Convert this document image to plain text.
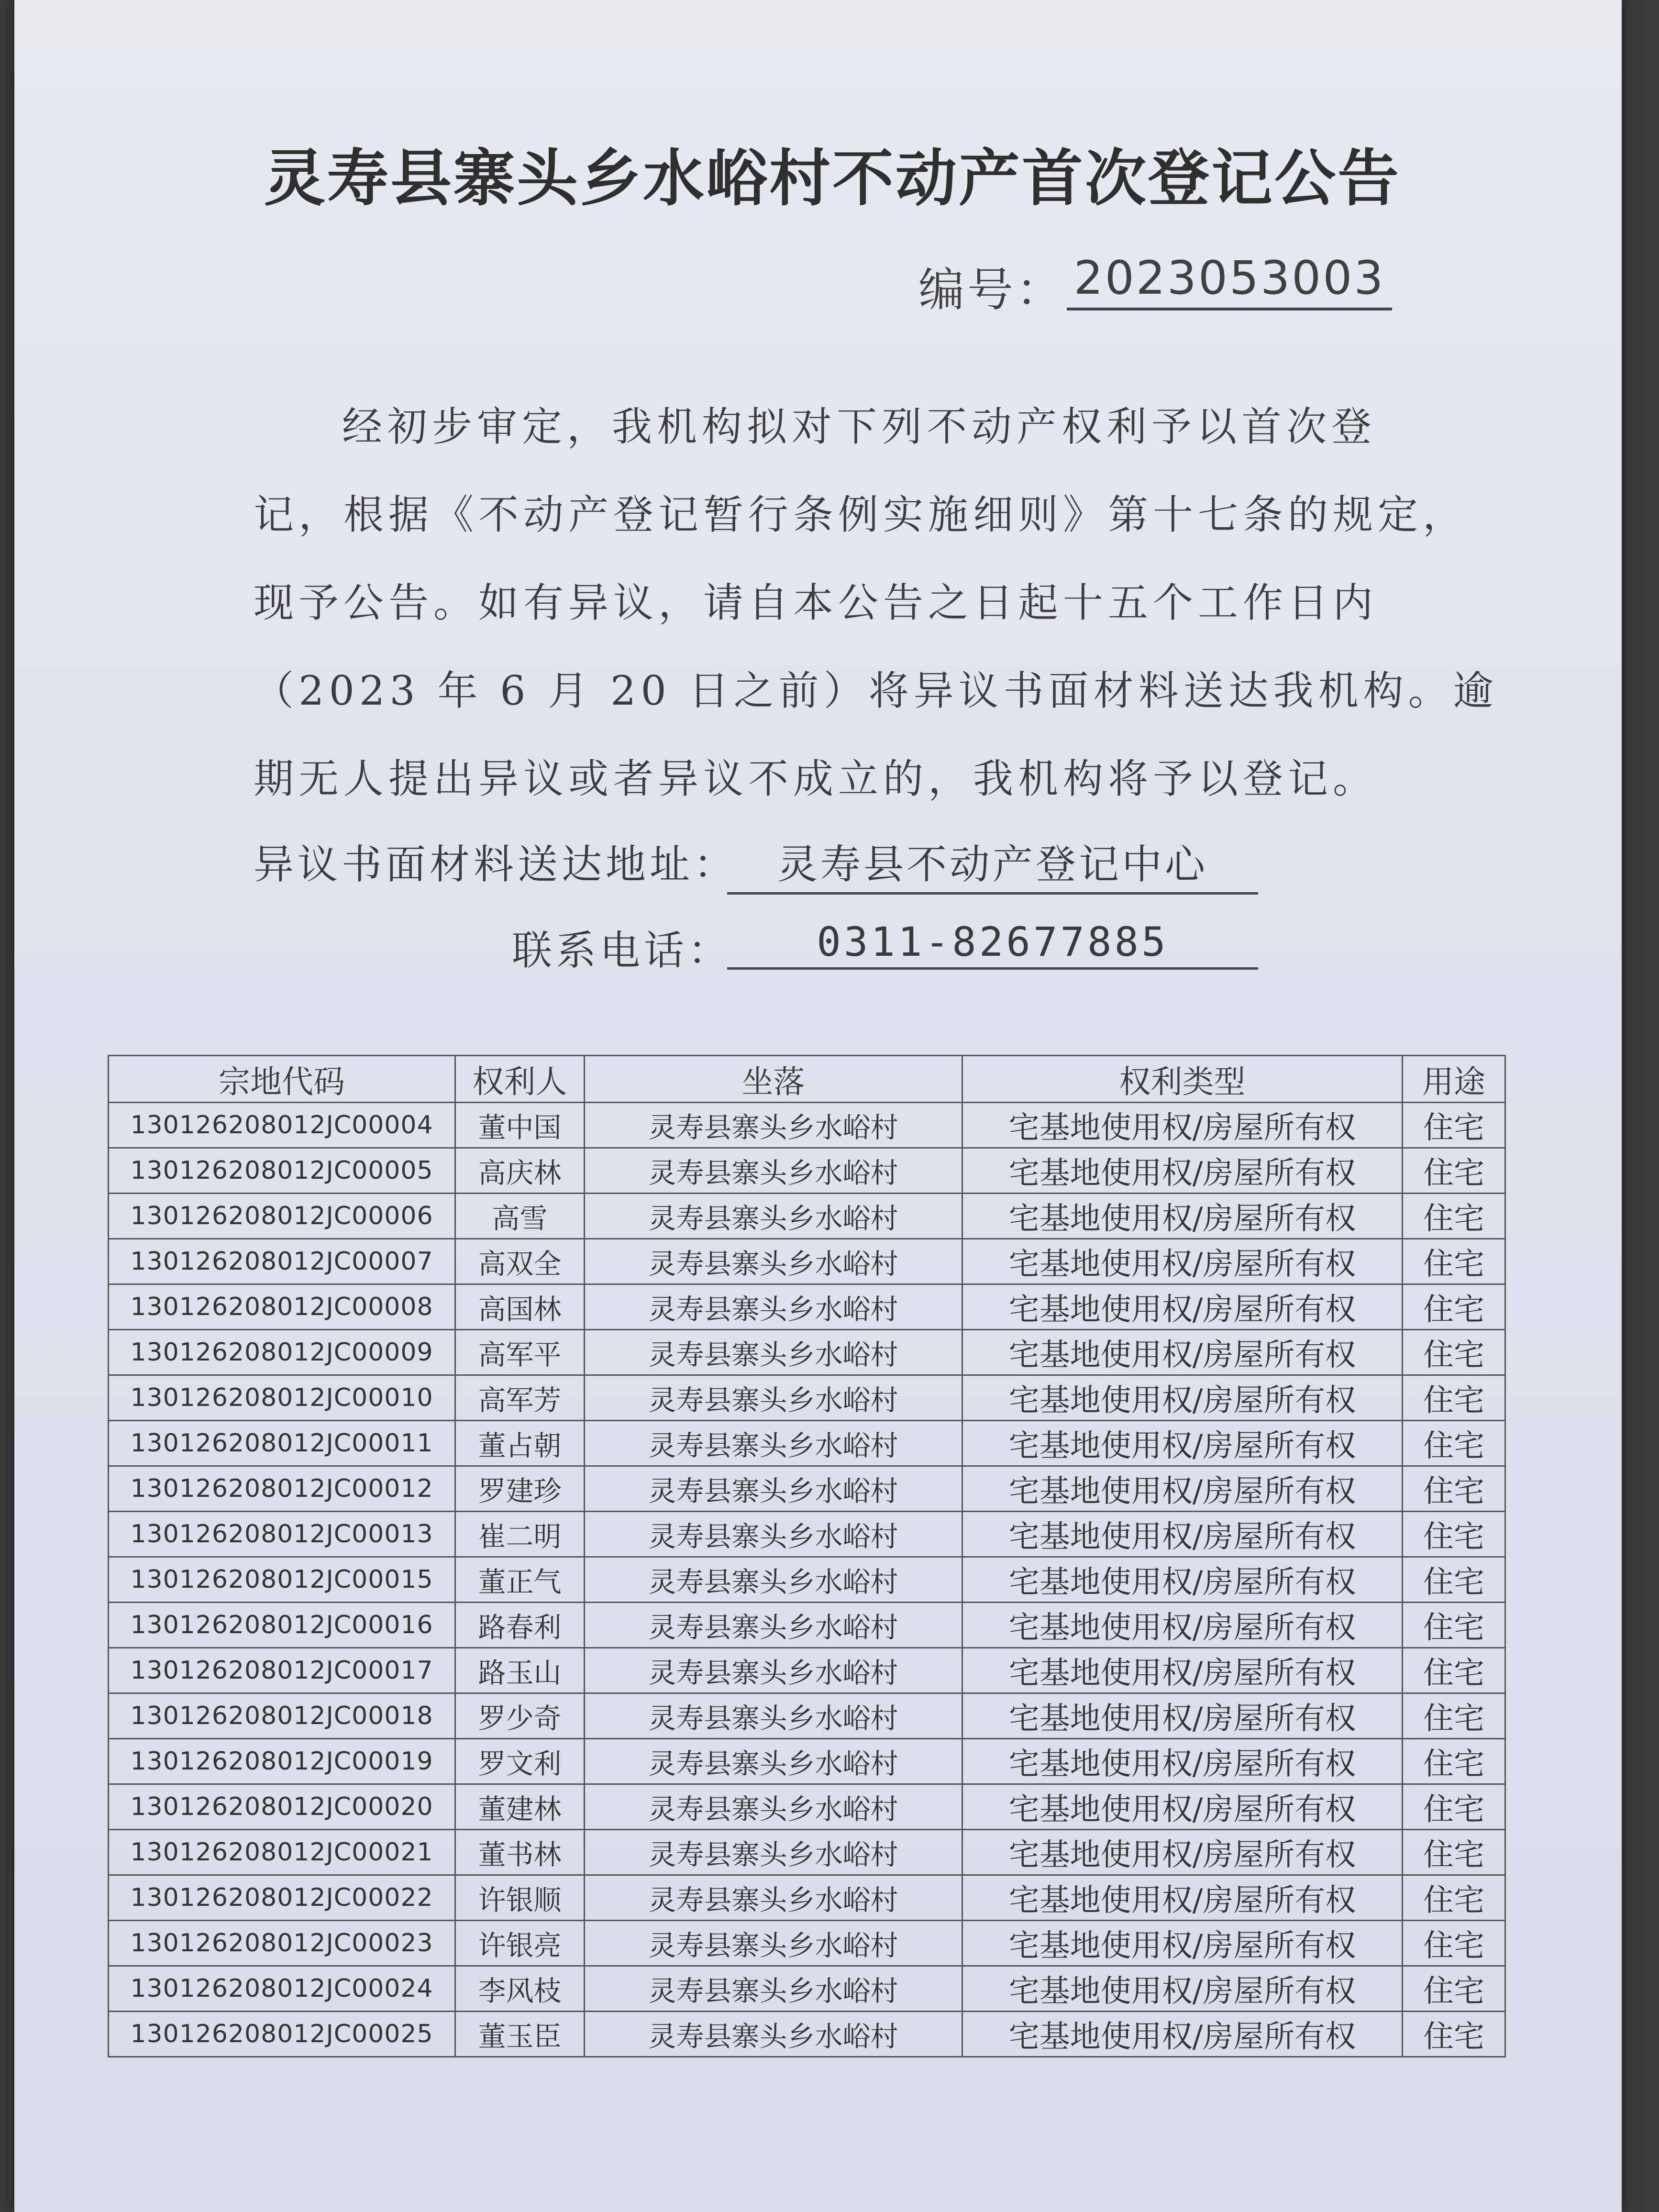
灵寿县寨头乡水峪村不动产首次登记公告
编号： 2023053003
经初步审定，我机构拟对下列不动产权利予以首次登
记，根据《不动产登记暂行条例实施细则》第十七条的规定，
现予公告。如有异议，请自本公告之日起十五个工作日内
（2023 年 6 月 20 日之前）将异议书面材料送达我机构。逾
期无人提出异议或者异议不成立的，我机构将予以登记。
异议书面材料送达地址： 灵寿县不动产登记中心
联系电话：	0311-82677885
宗地代码	权利人	坐落	权利类型	用途
130126208012JC00004	董中国	灵寿县寨头乡水峪村	宅基地使用权/房屋所有权	住宅
130126208012JC00005	高庆林	灵寿县寨头乡水峪村	宅基地使用权/房屋所有权	住宅
130126208012JC00006	高雪	灵寿县寨头乡水峪村	宅基地使用权/房屋所有权	住宅
130126208012JC00007	高双全	灵寿县寨头乡水峪村	宅基地使用权/房屋所有权	住宅
130126208012JC00008	高国林	灵寿县寨头乡水峪村	宅基地使用权/房屋所有权	住宅
130126208012JC00009	高军平	灵寿县寨头乡水峪村	宅基地使用权/房屋所有权	住宅
130126208012JC00010	高军芳	灵寿县寨头乡水峪村	宅基地使用权/房屋所有权	住宅
130126208012JC00011	董占朝	灵寿县寨头乡水峪村	宅基地使用权/房屋所有权	住宅
130126208012JC00012	罗建珍	灵寿县寨头乡水峪村	宅基地使用权/房屋所有权	住宅
130126208012JC00013	崔二明	灵寿县寨头乡水峪村	宅基地使用权/房屋所有权	住宅
130126208012JC00015	董正气	灵寿县寨头乡水峪村	宅基地使用权/房屋所有权	住宅
130126208012JC00016	路春利	灵寿县寨头乡水峪村	宅基地使用权/房屋所有权	住宅
130126208012JC00017	路玉山	灵寿县寨头乡水峪村	宅基地使用权/房屋所有权	住宅
130126208012JC00018	罗少奇	灵寿县寨头乡水峪村	宅基地使用权/房屋所有权	住宅
130126208012JC00019	罗文利	灵寿县寨头乡水峪村	宅基地使用权/房屋所有权	住宅
130126208012JC00020	董建林	灵寿县寨头乡水峪村	宅基地使用权/房屋所有权	住宅
130126208012JC00021	董书林	灵寿县寨头乡水峪村	宅基地使用权/房屋所有权	住宅
130126208012JC00022	许银顺	灵寿县寨头乡水峪村	宅基地使用权/房屋所有权	住宅
130126208012JC00023	许银亮	灵寿县寨头乡水峪村	宅基地使用权/房屋所有权	住宅
130126208012JC00024	李风枝	灵寿县寨头乡水峪村	宅基地使用权/房屋所有权	住宅
130126208012JC00025	董玉臣	灵寿县寨头乡水峪村	宅基地使用权/房屋所有权	住宅
